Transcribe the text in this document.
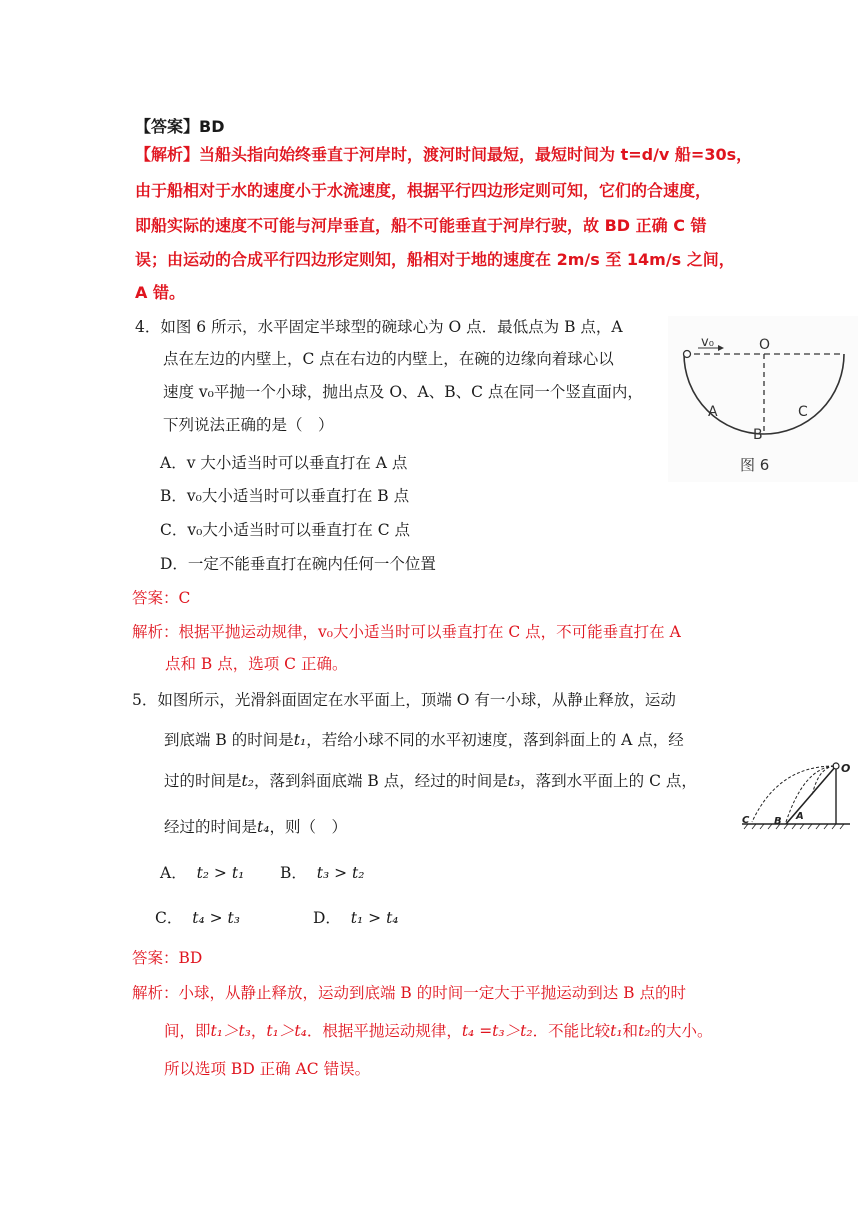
【答案】BD
【解析】当船头指向始终垂直于河岸时，渡河时间最短，最短时间为 t=d/v 船=30s，
由于船相对于水的速度小于水流速度，根据平行四边形定则可知，它们的合速度，
即船实际的速度不可能与河岸垂直，船不可能垂直于河岸行驶，故 BD 正确 C 错
误；由运动的合成平行四边形定则知，船相对于地的速度在 2m/s 至 14m/s 之间，
A 错。
4．如图 6 所示，水平固定半球型的碗球心为 O 点．最低点为 B 点，A
点在左边的内壁上，C 点在右边的内壁上，在碗的边缘向着球心以
速度 v₀平抛一个小球，抛出点及 O、A、B、C 点在同一个竖直面内，
下列说法正确的是（　）
A．v 大小适当时可以垂直打在 A 点
B．v₀大小适当时可以垂直打在 B 点
C．v₀大小适当时可以垂直打在 C 点
D．一定不能垂直打在碗内任何一个位置
答案：C
解析：根据平抛运动规律，v₀大小适当时可以垂直打在 C 点，不可能垂直打在 A
点和 B 点，选项 C 正确。
v₀	O
A
B
C
图 6
5．如图所示，光滑斜面固定在水平面上，顶端 O 有一小球，从静止释放，运动
到底端 B 的时间是t₁，若给小球不同的水平初速度，落到斜面上的 A 点，经
过的时间是t₂，落到斜面底端 B 点，经过的时间是t₃，落到水平面上的 C 点，
经过的时间是t₄，则（　）
A． t₂ > t₁ B． t₃ > t₂
C． t₄ > t₃	D． t₁ > t₄
答案：BD
解析：小球，从静止释放，运动到底端 B 的时间一定大于平抛运动到达 B 点的时
间，即t₁＞t₃，t₁＞t₄．根据平抛运动规律，t₄ =t₃＞t₂．不能比较t₁和t₂的大小。
所以选项 BD 正确 AC 错误。
O
A
B
C
